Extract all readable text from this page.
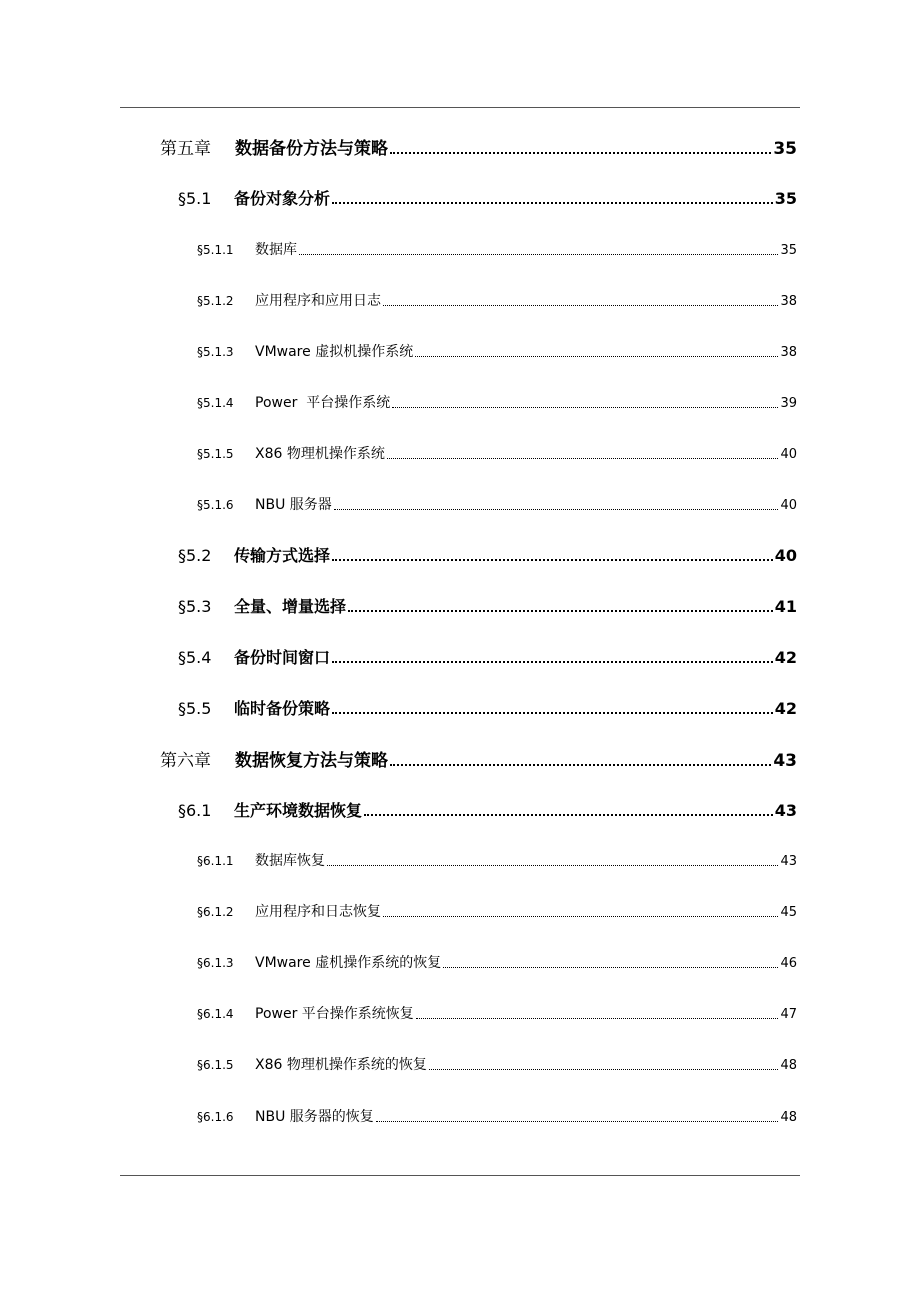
第五章	数据备份方法与策略	35
§5.1	备份对象分析	35
§5.1.1	数据库	35
§5.1.2	应用程序和应用日志	38
§5.1.3	VMware 虚拟机操作系统	38
§5.1.4	Power  平台操作系统	39
§5.1.5	X86 物理机操作系统	40
§5.1.6	NBU 服务器	40
§5.2	传输方式选择	40
§5.3	全量、增量选择	41
§5.4	备份时间窗口	42
§5.5	临时备份策略	42
第六章	数据恢复方法与策略	43
§6.1	生产环境数据恢复	43
§6.1.1	数据库恢复	43
§6.1.2	应用程序和日志恢复	45
§6.1.3	VMware 虚机操作系统的恢复	46
§6.1.4	Power 平台操作系统恢复	47
§6.1.5	X86 物理机操作系统的恢复	48
§6.1.6	NBU 服务器的恢复	48
